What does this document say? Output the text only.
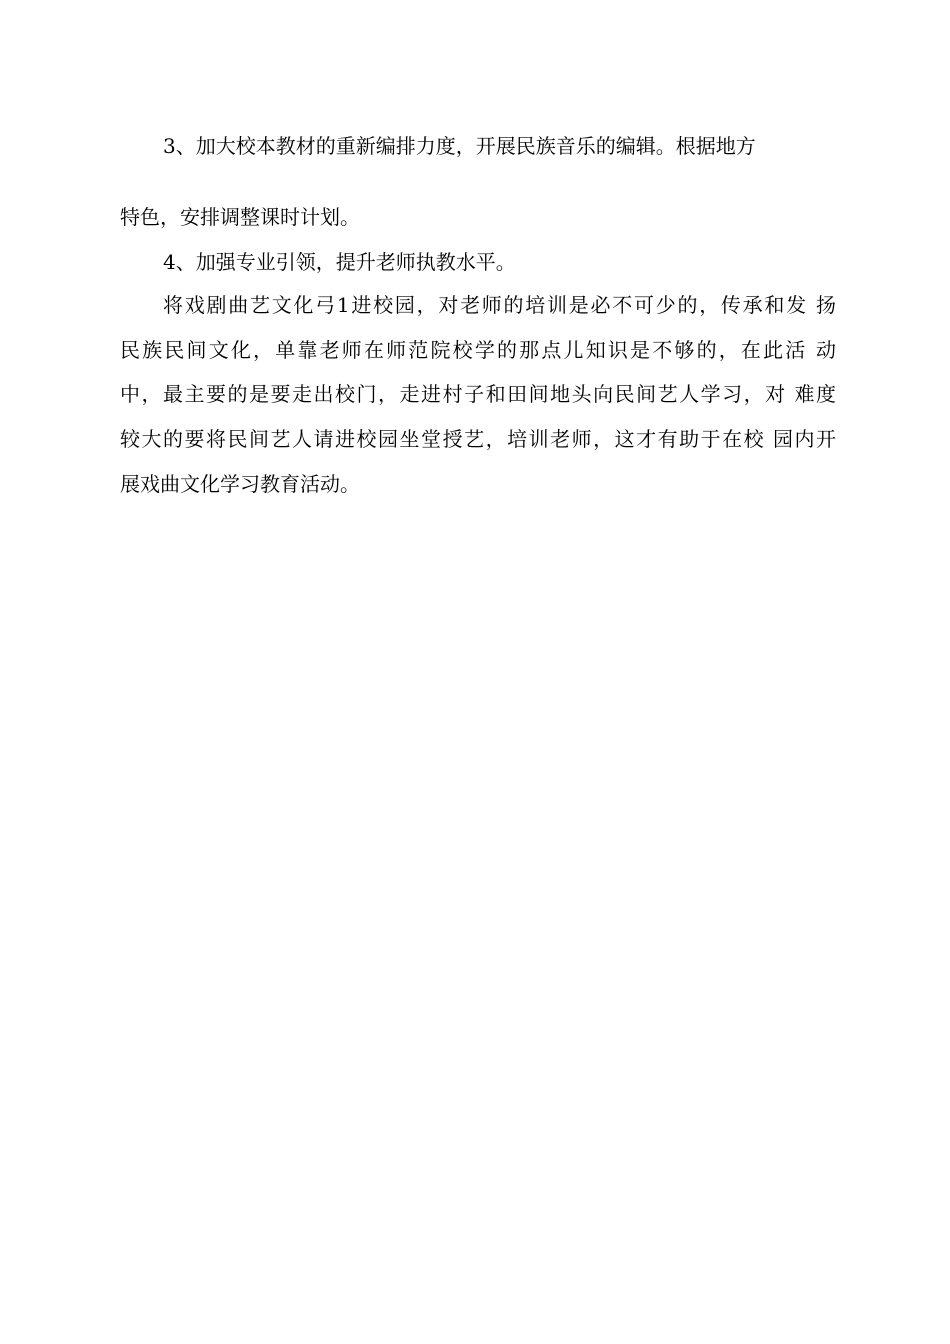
3、加大校本教材的重新编排力度，开展民族音乐的编辑。根据地方
特色，安排调整课时计划。
4、加强专业引领，提升老师执教水平。
将戏剧曲艺文化弓1进校园，对老师的培训是必不可少的，传承和发 扬
民族民间文化，单靠老师在师范院校学的那点儿知识是不够的，在此活 动
中，最主要的是要走出校门，走进村子和田间地头向民间艺人学习，对 难度
较大的要将民间艺人请进校园坐堂授艺，培训老师，这才有助于在校 园内开
展戏曲文化学习教育活动。
